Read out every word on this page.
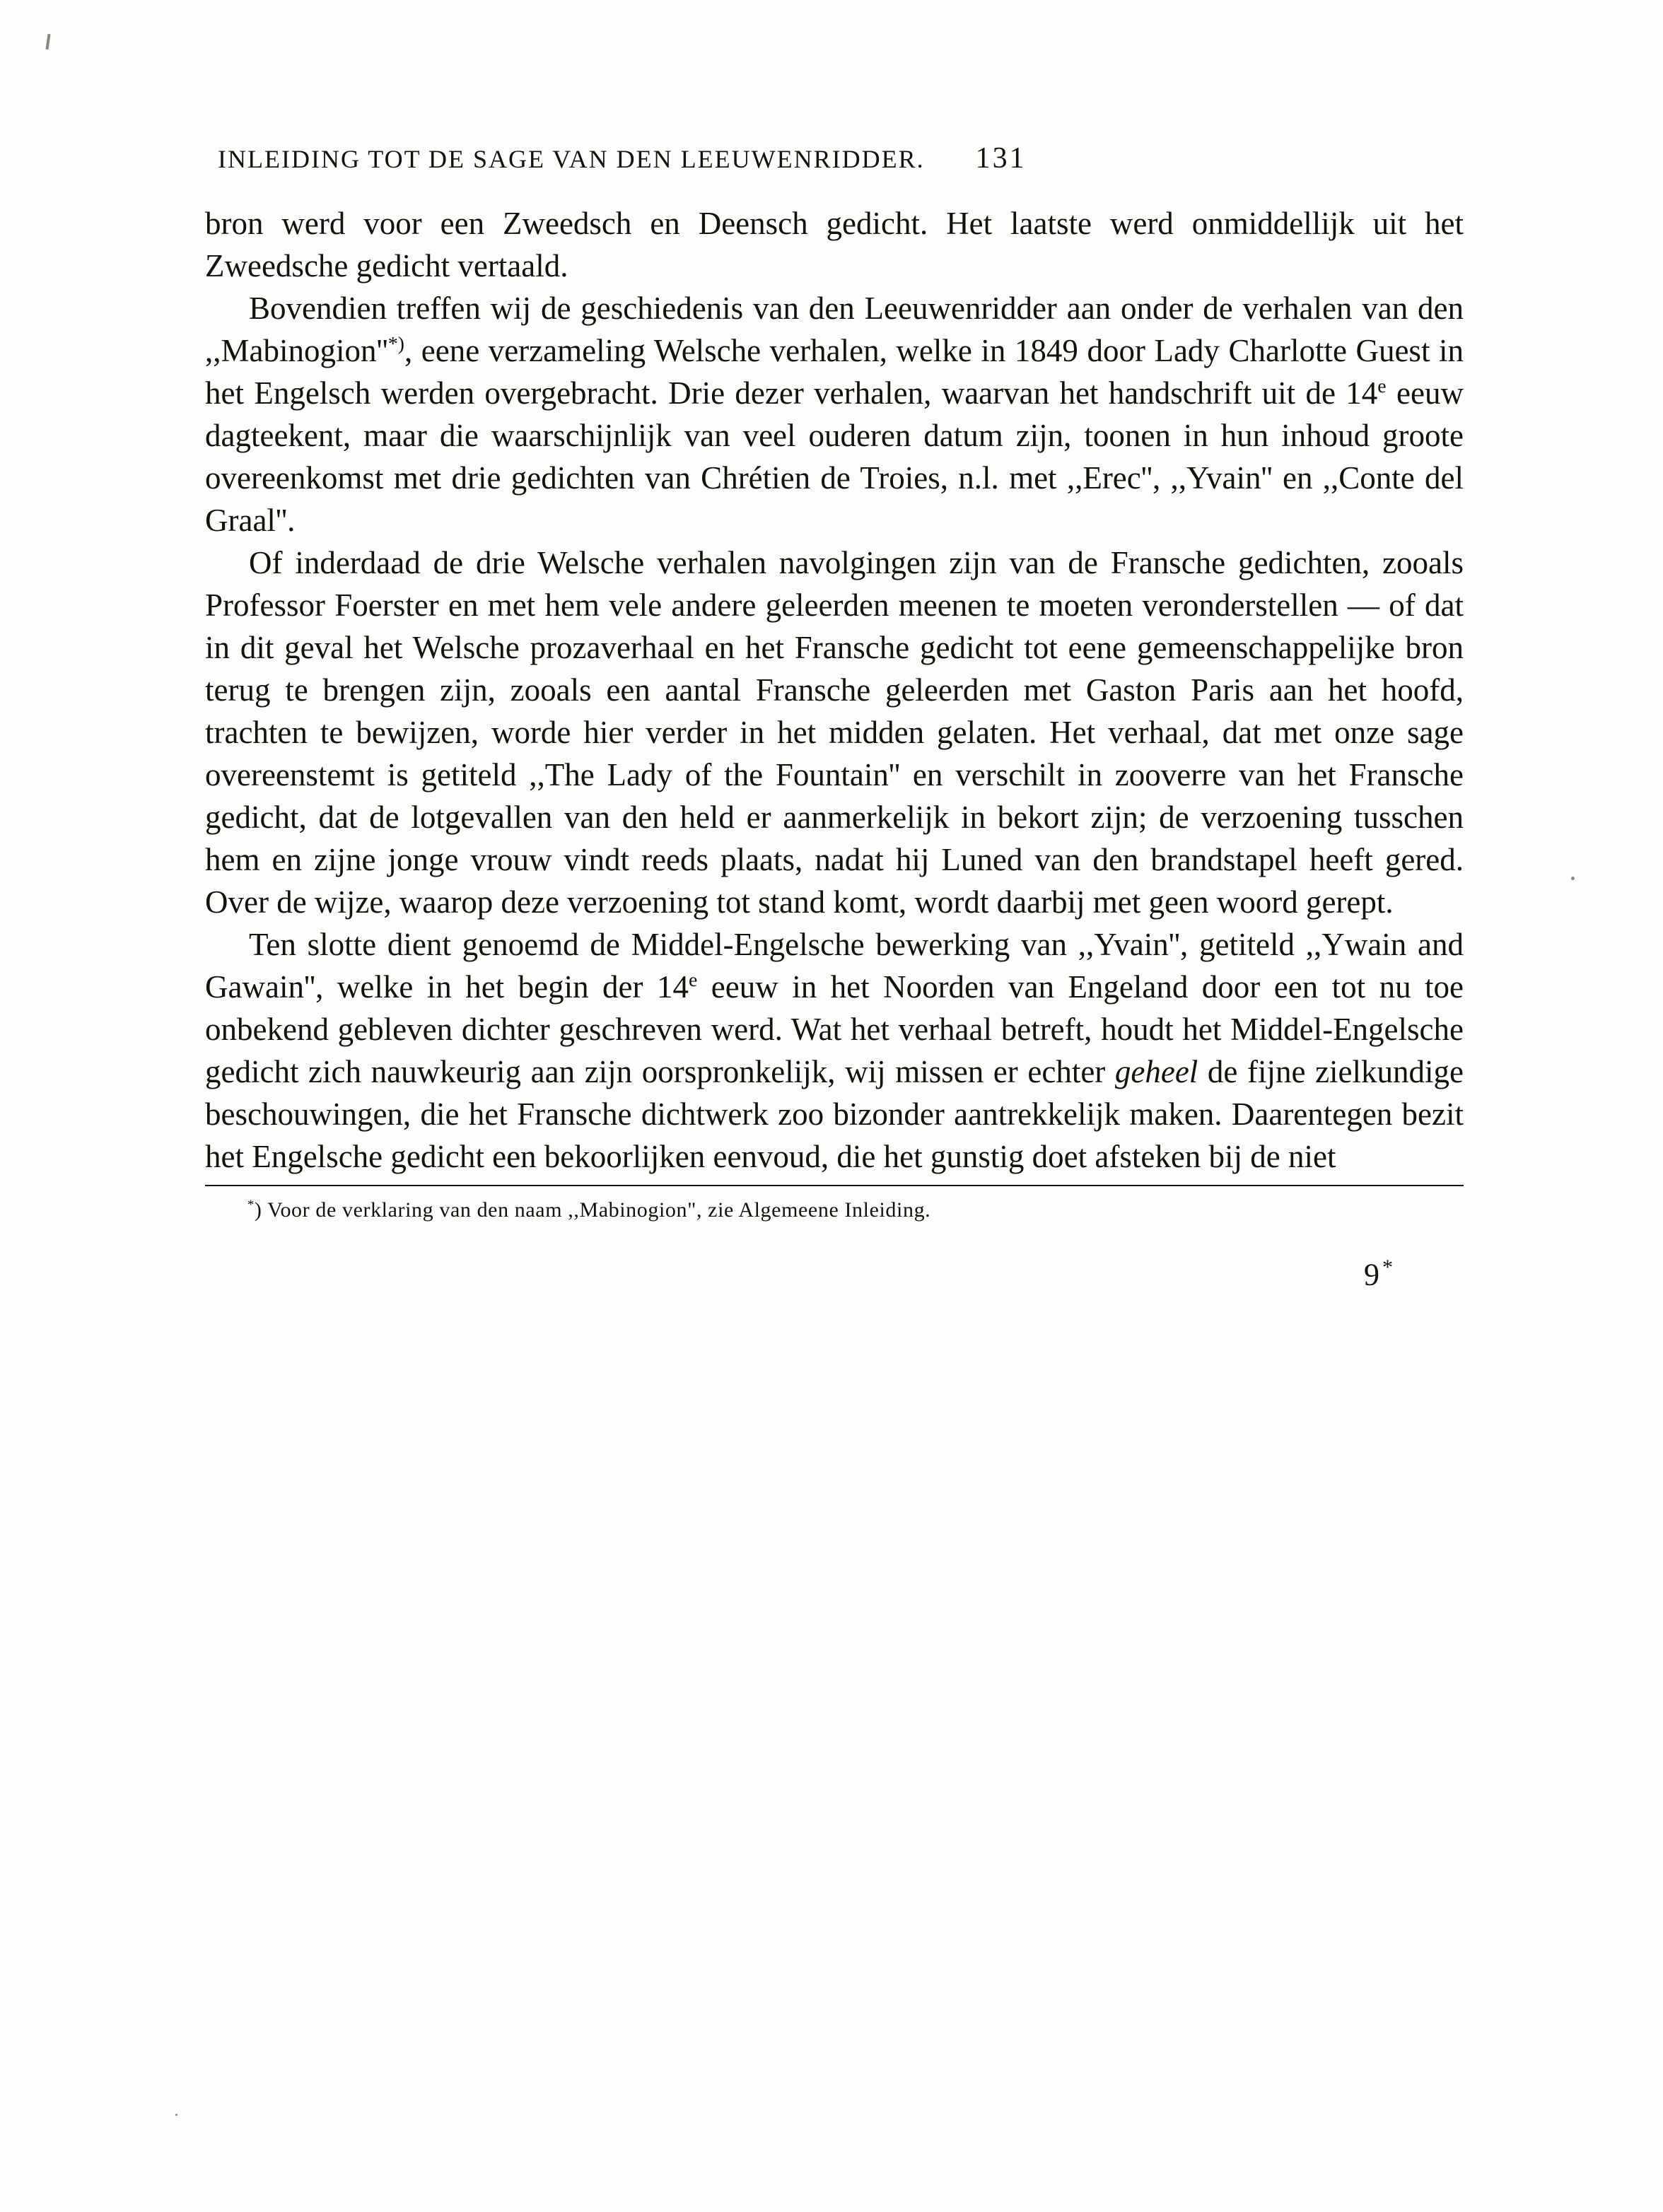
INLEIDING TOT DE SAGE VAN DEN LEEUWENRIDDER. 131

bron werd voor een Zweedsch en Deensch gedicht. Het laatste werd onmiddellijk uit het Zweedsche gedicht vertaald.

Bovendien treffen wij de geschiedenis van den Leeuwenridder aan onder de verhalen van den ,,Mabinogion''*), eene verzameling Welsche verhalen, welke in 1849 door Lady Charlotte Guest in het Engelsch werden overgebracht. Drie dezer verhalen, waarvan het handschrift uit de 14e eeuw dagteekent, maar die waarschijnlijk van veel ouderen datum zijn, toonen in hun inhoud groote overeenkomst met drie gedichten van Chrétien de Troies, n.l. met ,,Erec'', ,,Yvain'' en ,,Conte del Graal''.

Of inderdaad de drie Welsche verhalen navolgingen zijn van de Fransche gedichten, zooals Professor Foerster en met hem vele andere geleerden meenen te moeten veronderstellen — of dat in dit geval het Welsche prozaverhaal en het Fransche gedicht tot eene gemeenschappelijke bron terug te brengen zijn, zooals een aantal Fransche geleerden met Gaston Paris aan het hoofd, trachten te bewijzen, worde hier verder in het midden gelaten. Het verhaal, dat met onze sage overeenstemt is getiteld ,,The Lady of the Fountain'' en verschilt in zooverre van het Fransche gedicht, dat de lotgevallen van den held er aanmerkelijk in bekort zijn; de verzoening tusschen hem en zijne jonge vrouw vindt reeds plaats, nadat hij Luned van den brandstapel heeft gered. Over de wijze, waarop deze verzoening tot stand komt, wordt daarbij met geen woord gerept.

Ten slotte dient genoemd de Middel-Engelsche bewerking van ,,Yvain'', getiteld ,,Ywain and Gawain'', welke in het begin der 14e eeuw in het Noorden van Engeland door een tot nu toe onbekend gebleven dichter geschreven werd. Wat het verhaal betreft, houdt het Middel-Engelsche gedicht zich nauwkeurig aan zijn oorspronkelijk, wij missen er echter geheel de fijne zielkundige beschouwingen, die het Fransche dichtwerk zoo bizonder aantrekkelijk maken. Daarentegen bezit het Engelsche gedicht een bekoorlijken eenvoud, die het gunstig doet afsteken bij de niet

*) Voor de verklaring van den naam ,,Mabinogion", zie Algemeene Inleiding.
9 *
